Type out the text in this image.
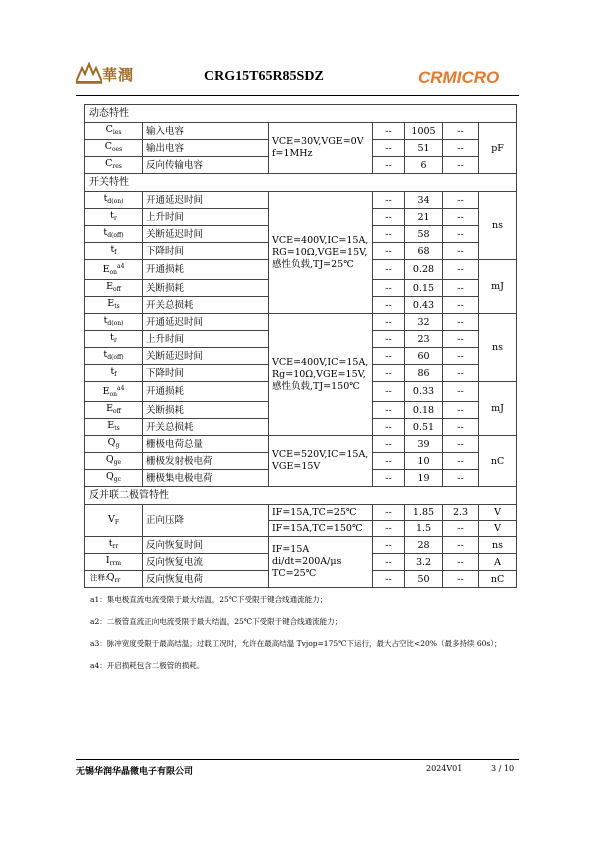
華潤	CRG15T65R85SDZ	CRMICRO
动态特性						
$C_{ies}$	输入电容	VCE=30V,VGE=0V f=1MHz	--	1005	--	pF
$C_{oes}$	输出电容		--	51	--	
$C_{res}$	反向传输电容		--	6	--	
开关特性						
$t_{d(on)}$	开通延迟时间	VCE=400V,IC=15A, RG=10Ω,VGE=15V, 感性负载,TJ=25℃	--	34	--	ns
$t_r$	上升时间		--	21	--	
$t_{d(off)}$	关断延迟时间		--	58	--	
$t_f$	下降时间		--	68	--	
$E_{on}^{a4}$	开通损耗		--	0.28	--	mJ
$E_{off}$	关断损耗		--	0.15	--	
$E_{ts}$	开关总损耗		--	0.43	--	
$t_{d(on)}$	开通延迟时间	VCE=400V,IC=15A, Rg=10Ω,VGE=15V, 感性负载,TJ=150℃	--	32	--	ns
$t_r$	上升时间		--	23	--	
$t_{d(off)}$	关断延迟时间		--	60	--	
$t_f$	下降时间		--	86	--	
$E_{on}^{a4}$	开通损耗		--	0.33	--	mJ
$E_{off}$	关断损耗		--	0.18	--	
$E_{ts}$	开关总损耗		--	0.51	--	
$Q_g$	栅极电荷总量	VCE=520V,IC=15A, VGE=15V	--	39	--	nC
$Q_{ge}$	栅极发射极电荷		--	10	--	
$Q_{gc}$	栅极集电极电荷		--	19	--	
反并联二极管特性						
$V_F$	正向压降	IF=15A,TC=25℃	--	1.85	2.3	V
		IF=15A,TC=150℃	--	1.5	--	V
$t_{rr}$	反向恢复时间	IF=15A di/dt=200A/μs TC=25℃	--	28	--	ns
$I_{rrm}$	反向恢复电流		--	3.2	--	A
$Q_{rr}$	反向恢复电荷		--	50	--	nC

注释:

a1：集电极直流电流受限于最大结温，25℃下受限于键合线通流能力；

a2：二极管直流正向电流受限于最大结温，25℃下受限于键合线通流能力；

a3：脉冲宽度受限于最高结温；过载工况时，允许在最高结温 Tvjop=175℃下运行，最大占空比<20%（最多持续 60s）；

a4：开启损耗包含二极管的损耗。

无锡华润华晶微电子有限公司	2024V01	3 / 10
